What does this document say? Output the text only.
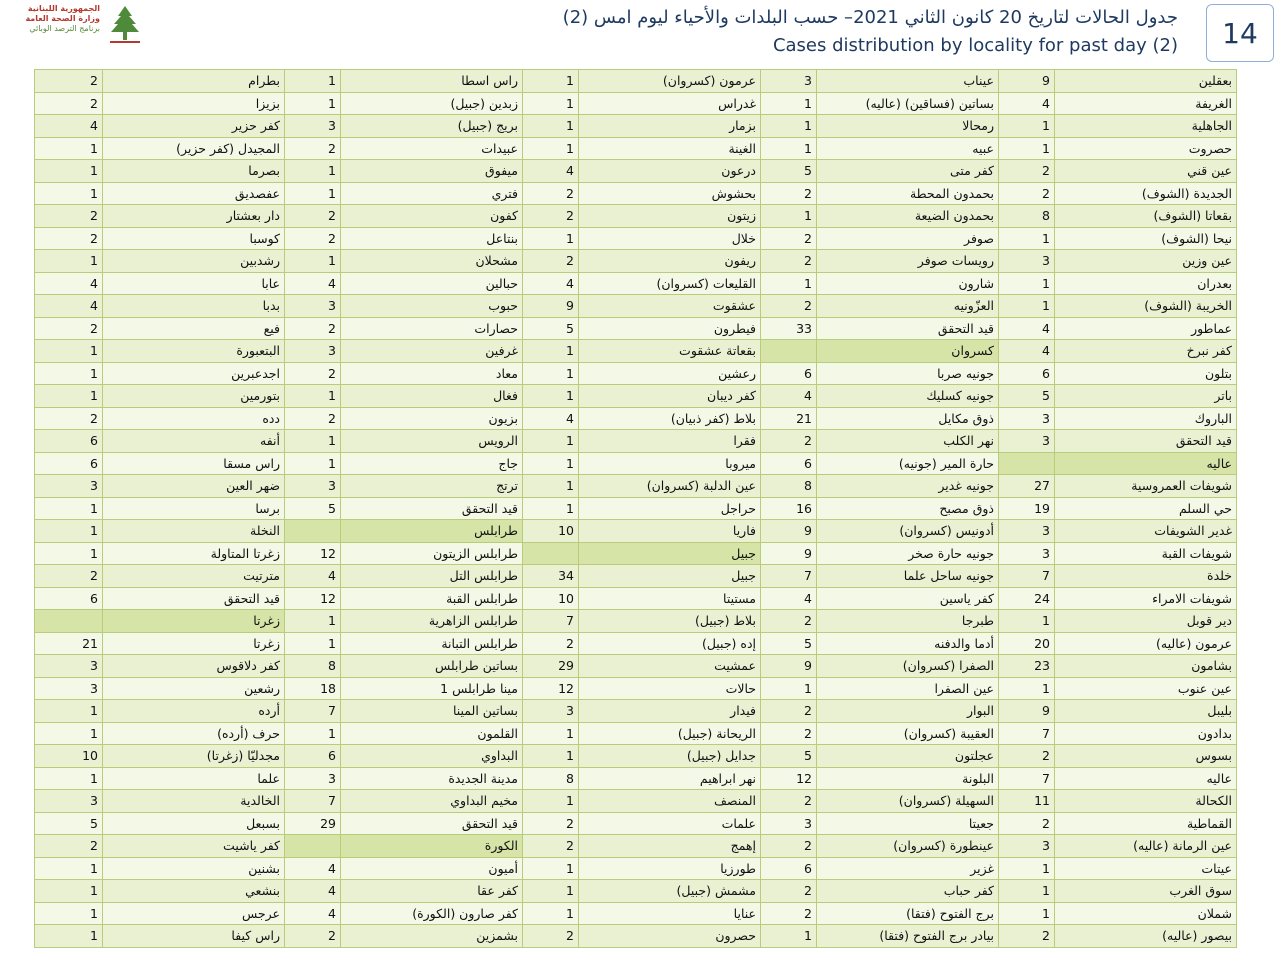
الجمهورية اللبنانية
وزارة الصحة العامة
برنامج الترصد الوبائي
جدول الحالات لتاريخ 20 كانون الثاني 2021– حسب البلدات والأحياء ليوم امس (2)
Cases distribution by locality for past day (2) 14
بعقلين	9	عيناب	3	عرمون (كسروان)	1	راس اسطا	1	بطرام	2
الغريفة	4	بساتين (فساقين) (عاليه)	1	غدراس	1	زبدين (جبيل)	1	بزيزا	2
الجاهلية	1	رمحالا	1	بزمار	1	بريج (جبيل)	3	كفر حزير	4
حصروت	1	عبيه	1	الغينة	1	عبيدات	2	المجيدل (كفر حزير)	1
عين قني	2	كفر متى	5	درعون	4	ميفوق	1	بصرما	1
الجديدة (الشوف)	2	بحمدون المحطة	2	بحشوش	2	فتري	1	عفصديق	1
بقعاتا (الشوف)	8	بحمدون الضيعة	1	زيتون	2	كفون	2	دار بعشتار	2
نيحا (الشوف)	1	صوفر	2	خلال	1	بنتاعل	2	كوسبا	2
عين وزين	3	رويسات صوفر	2	ريفون	2	مشحلان	1	رشدبين	1
بعدران	1	شارون	1	القليعات (كسروان)	4	حبالين	4	عابا	4
الخريبة (الشوف)	1	العزّونيه	2	عشقوت	9	حبوب	3	بدبا	4
عماطور	4	قيد التحقق	33	فيطرون	5	حصارات	2	فيع	2
كفر نبرخ	4	كسروان		بقعاتة عشقوت	1	غرفين	3	البتعبورة	1
بتلون	6	جونيه صربا	6	رعشين	1	معاد	2	اجدعبرين	1
باتر	5	جونيه كسليك	4	كفر ديبان	1	فغال	1	بتورمين	1
الباروك	3	ذوق مكايل	21	بلاط (كفر ذبيان)	4	بزيون	2	دده	2
قيد التحقق	3	نهر الكلب	2	فقرا	1	الرويس	1	أنفه	6
عاليه		حارة المير (جونيه)	6	ميروبا	1	جاج	1	راس مسقا	6
شويفات العمروسية	27	جونيه غدير	8	عين الدلبة (كسروان)	1	ترتج	3	ضهر العين	3
حي السلم	19	ذوق مصبح	16	حراجل	1	قيد التحقق	5	برسا	1
غدير الشويفات	3	أدونيس (كسروان)	9	فاريا	10	طرابلس		النخلة	1
شويفات القبة	3	جونيه حارة صخر	9	جبيل		طرابلس الزيتون	12	زغرتا المتاولة	1
خلدة	7	جونيه ساحل علما	7	جبيل	34	طرابلس التل	4	مترتيت	2
شويفات الامراء	24	كفر ياسين	4	مستيتا	10	طرابلس القبة	12	قيد التحقق	6
دير قوبل	1	طبرجا	2	بلاط (جبيل)	7	طرابلس الزاهرية	1	زغرتا	
عرمون (عاليه)	20	أدما والدفنه	5	إده (جبيل)	2	طرابلس التبانة	1	زغرتا	21
بشامون	23	الصفرا (كسروان)	9	عمشيت	29	بساتين طرابلس	8	كفر دلاقوس	3
عين عنوب	1	عين الصفرا	1	حالات	12	مينا طرابلس 1	18	رشعين	3
بليبل	9	البوار	2	فيدار	3	بساتين المينا	7	أرده	1
بدادون	7	العقيبة (كسروان)	2	الريحانة (جبيل)	1	القلمون	1	حرف (أرده)	1
بسوس	2	عجلتون	5	جدايل (جبيل)	1	البداوي	6	مجدليّا (زغرتا)	10
عاليه	7	البلونة	12	نهر ابراهيم	8	مدينة الجديدة	3	علما	1
الكحالة	11	السهيلة (كسروان)	2	المنصف	1	مخيم البداوي	7	الخالدية	3
القماطية	2	جعيتا	3	علمات	2	قيد التحقق	29	بسبعل	5
عين الرمانة (عاليه)	3	عينطورة (كسروان)	2	إهمج	2	الكورة		كفر ياشيت	2
عيتات	1	غزير	6	طورزيا	1	أميون	4	بشنين	1
سوق الغرب	1	كفر حباب	2	مشمش (جبيل)	1	كفر عقا	4	بنشعي	1
شملان	1	برج الفتوح (فتقا)	2	عنايا	1	كفر صارون (الكورة)	4	عرجس	1
بيصور (عاليه)	2	بيادر برج الفتوح (فتقا)	1	حصرون	2	بشمزين	2	راس كيفا	1
